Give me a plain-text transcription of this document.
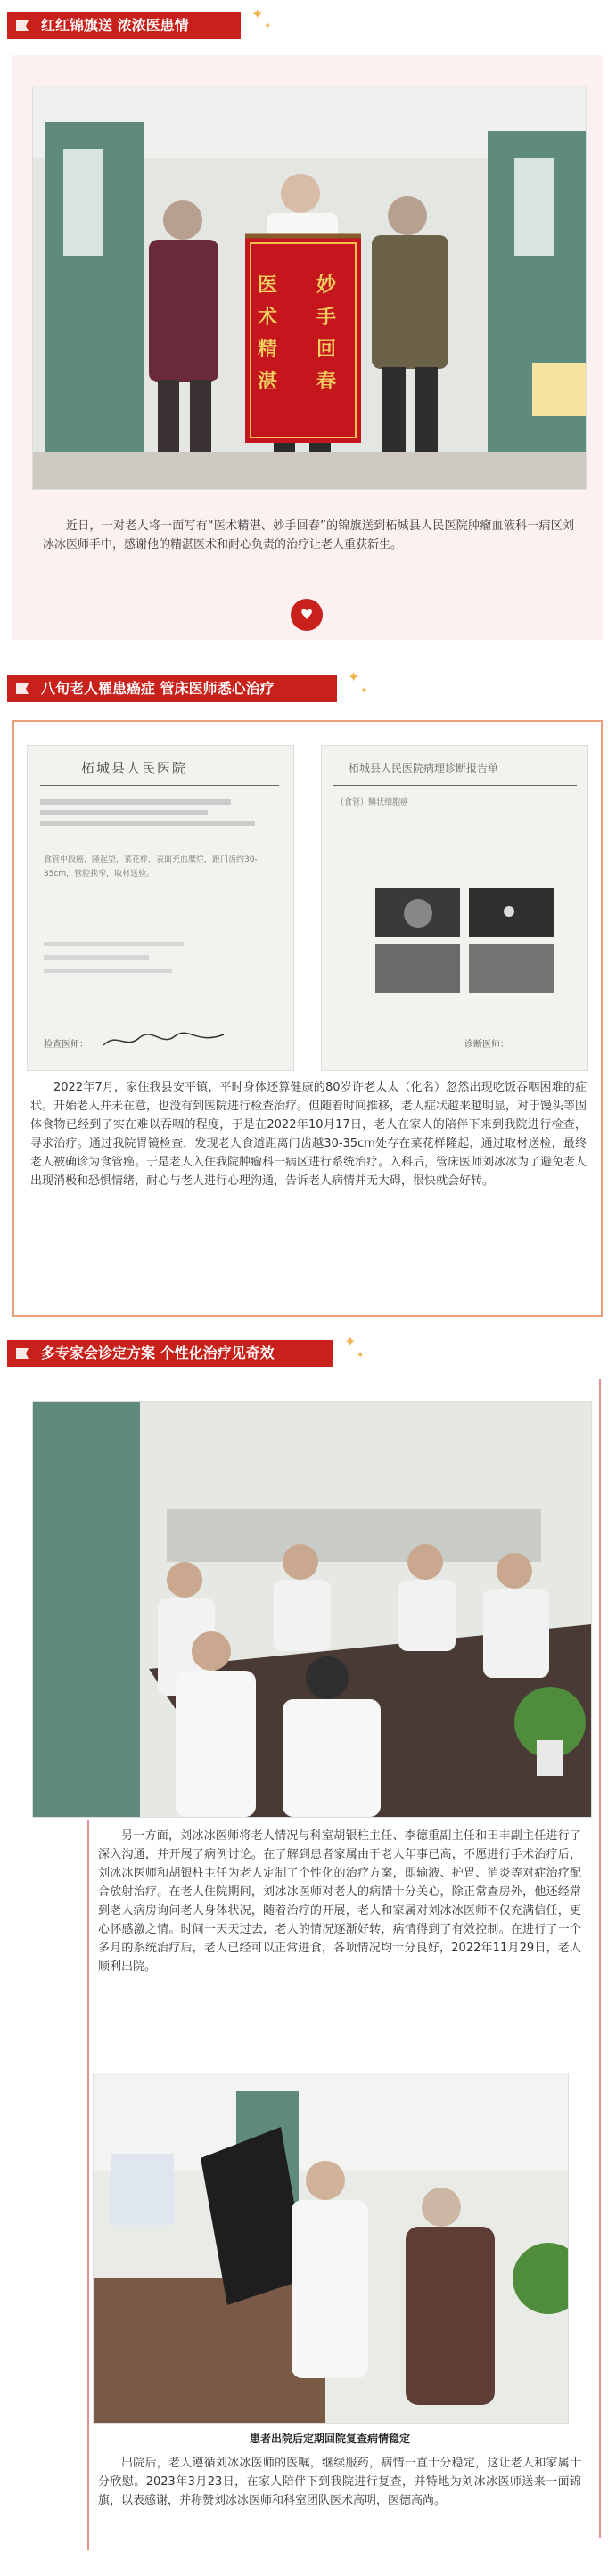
红红锦旗送 浓浓医患情
✦
✦
医术精湛
妙手回春

近日，一对老人将一面写有“医术精湛、妙手回春”的锦旗送到柘城县人民医院肿瘤血液科一病区刘冰冰医师手中，感谢他的精湛医术和耐心负责的治疗让老人重获新生。

♥
八旬老人罹患癌症 管床医师悉心治疗
✦
✦
柘城县人民医院
食管中段癌，隆起型，菜花样，表面充血糜烂，距门齿约30-35cm，管腔狭窄，取材送检。
检查医师：
柘城县人民医院病理诊断报告单
（食管）鳞状细胞癌
诊断医师：

2022年7月，家住我县安平镇，平时身体还算健康的80岁许老太太（化名）忽然出现吃饭吞咽困难的症状。开始老人并未在意，也没有到医院进行检查治疗。但随着时间推移，老人症状越来越明显，对于馒头等固体食物已经到了实在难以吞咽的程度，于是在2022年10月17日，老人在家人的陪伴下来到我院进行检查，寻求治疗。通过我院胃镜检查，发现老人食道距离门齿越30-35cm处存在菜花样隆起，通过取材送检，最终老人被确诊为食管癌。于是老人入住我院肿瘤科一病区进行系统治疗。入科后，管床医师刘冰冰为了避免老人出现消极和恐惧情绪，耐心与老人进行心理沟通，告诉老人病情并无大碍，很快就会好转。

多专家会诊定方案 个性化治疗见奇效
✦
✦

另一方面，刘冰冰医师将老人情况与科室胡银柱主任、李德重副主任和田丰副主任进行了深入沟通，并开展了病例讨论。在了解到患者家属由于老人年事已高，不愿进行手术治疗后，刘冰冰医师和胡银柱主任为老人定制了个性化的治疗方案，即输液、护胃、消炎等对症治疗配合放射治疗。在老人住院期间，刘冰冰医师对老人的病情十分关心，除正常查房外，他还经常到老人病房询问老人身体状况，随着治疗的开展，老人和家属对刘冰冰医师不仅充满信任，更心怀感激之情。时间一天天过去，老人的情况逐渐好转，病情得到了有效控制。在进行了一个多月的系统治疗后，老人已经可以正常进食，各项情况均十分良好，2022年11月29日，老人顺利出院。

患者出院后定期回院复查病情稳定

出院后，老人遵循刘冰冰医师的医嘱，继续服药，病情一直十分稳定，这让老人和家属十分欣慰。2023年3月23日，在家人陪伴下到我院进行复查，并特地为刘冰冰医师送来一面锦旗，以表感谢，并称赞刘冰冰医师和科室团队医术高明，医德高尚。
